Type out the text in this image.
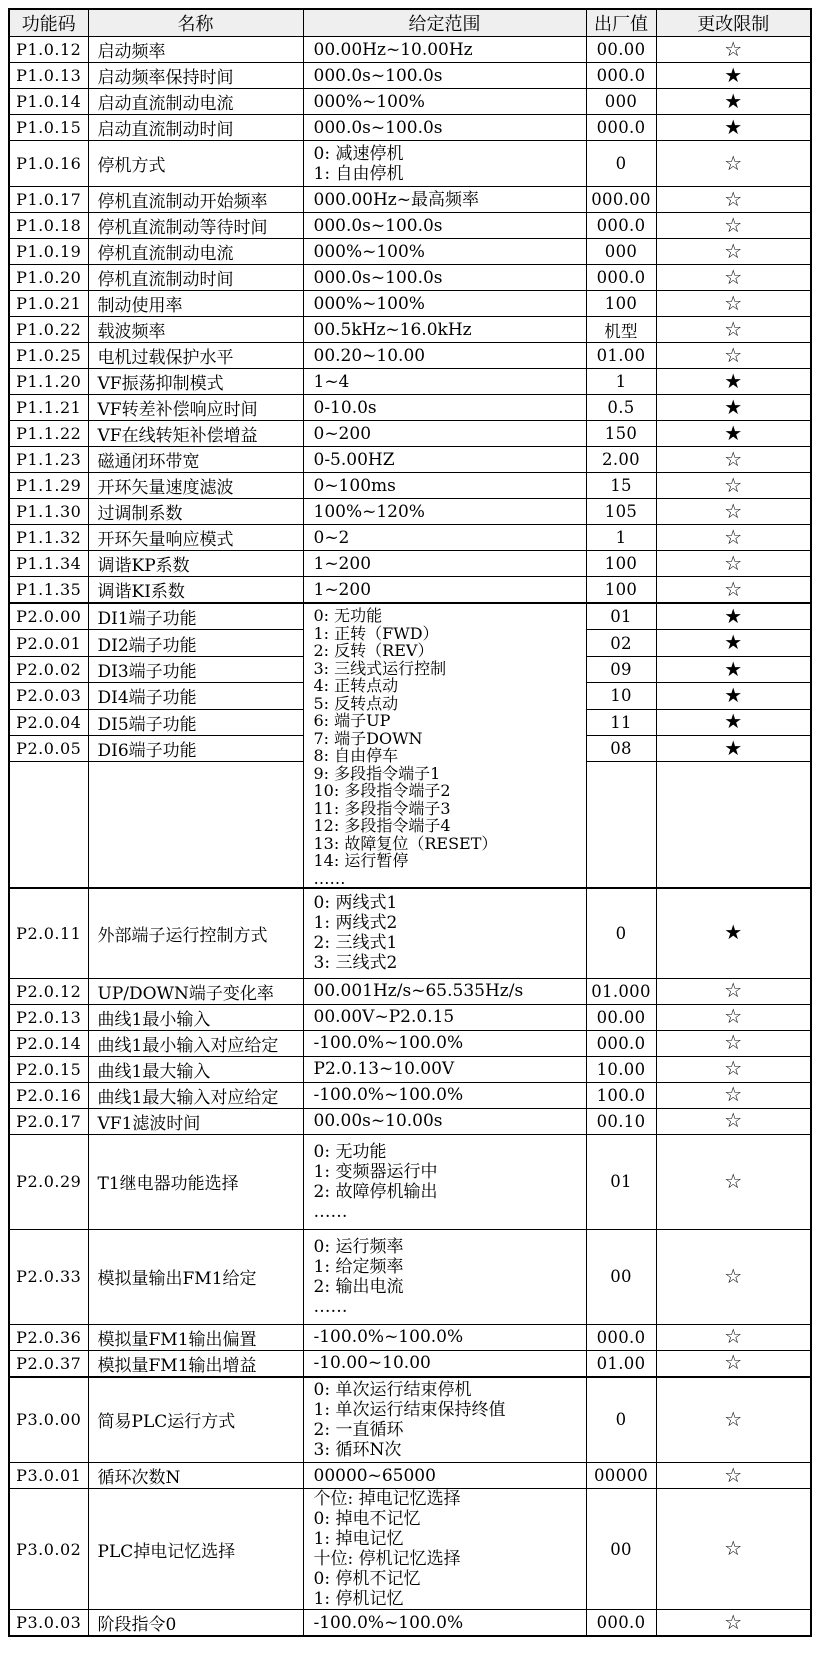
功能码	名称	给定范围	出厂值	更改限制
P1.0.12	启动频率	00.00Hz~10.00Hz	00.00	☆
P1.0.13	启动频率保持时间	000.0s~100.0s	000.0	★
P1.0.14	启动直流制动电流	000%~100%	000	★
P1.0.15	启动直流制动时间	000.0s~100.0s	000.0	★
P1.0.16	停机方式	0: 减速停机
1: 自由停机	0	☆
P1.0.17	停机直流制动开始频率	000.00Hz~最高频率	000.00	☆
P1.0.18	停机直流制动等待时间	000.0s~100.0s	000.0	☆
P1.0.19	停机直流制动电流	000%~100%	000	☆
P1.0.20	停机直流制动时间	000.0s~100.0s	000.0	☆
P1.0.21	制动使用率	000%~100%	100	☆
P1.0.22	载波频率	00.5kHz~16.0kHz	机型	☆
P1.0.25	电机过载保护水平	00.20~10.00	01.00	☆
P1.1.20	VF振荡抑制模式	1~4	1	★
P1.1.21	VF转差补偿响应时间	0-10.0s	0.5	★
P1.1.22	VF在线转矩补偿增益	0~200	150	★
P1.1.23	磁通闭环带宽	0-5.00HZ	2.00	☆
P1.1.29	开环矢量速度滤波	0~100ms	15	☆
P1.1.30	过调制系数	100%~120%	105	☆
P1.1.32	开环矢量响应模式	0~2	1	☆
P1.1.34	调谐KP系数	1~200	100	☆
P1.1.35	调谐KI系数	1~200	100	☆
P2.0.00	DI1端子功能	0: 无功能
1: 正转（FWD）
2: 反转（REV）
3: 三线式运行控制
4: 正转点动
5: 反转点动
6: 端子UP
7: 端子DOWN
8: 自由停车
9: 多段指令端子1
10: 多段指令端子2
11: 多段指令端子3
12: 多段指令端子4
13: 故障复位（RESET）
14: 运行暂停
……
	01	★
P2.0.01	DI2端子功能		02	★
P2.0.02	DI3端子功能		09	★
P2.0.03	DI4端子功能		10	★
P2.0.04	DI5端子功能		11	★
P2.0.05	DI6端子功能		08	★

P2.0.11	外部端子运行控制方式	0: 两线式1
1: 两线式2
2: 三线式1
3: 三线式2	0	★
P2.0.12	UP/DOWN端子变化率	00.001Hz/s~65.535Hz/s	01.000	☆
P2.0.13	曲线1最小输入	00.00V~P2.0.15	00.00	☆
P2.0.14	曲线1最小输入对应给定	-100.0%~100.0%	000.0	☆
P2.0.15	曲线1最大输入	P2.0.13~10.00V	10.00	☆
P2.0.16	曲线1最大输入对应给定	-100.0%~100.0%	100.0	☆
P2.0.17	VF1滤波时间	00.00s~10.00s	00.10	☆
P2.0.29	T1继电器功能选择	0: 无功能
1: 变频器运行中
2: 故障停机输出
……	01	☆
P2.0.33	模拟量输出FM1给定	0: 运行频率
1: 给定频率
2: 输出电流
……	00	☆
P2.0.36	模拟量FM1输出偏置	-100.0%~100.0%	000.0	☆
P2.0.37	模拟量FM1输出增益	-10.00~10.00	01.00	☆
P3.0.00	简易PLC运行方式	0: 单次运行结束停机
1: 单次运行结束保持终值
2: 一直循环
3: 循环N次	0	☆
P3.0.01	循环次数N	00000~65000	00000	☆
P3.0.02	PLC掉电记忆选择	
个位: 掉电记忆选择
0: 掉电不记忆
1: 掉电记忆
十位: 停机记忆选择
0: 停机不记忆
1: 停机记忆
	00	☆
P3.0.03	阶段指令0	-100.0%~100.0%	000.0	☆
